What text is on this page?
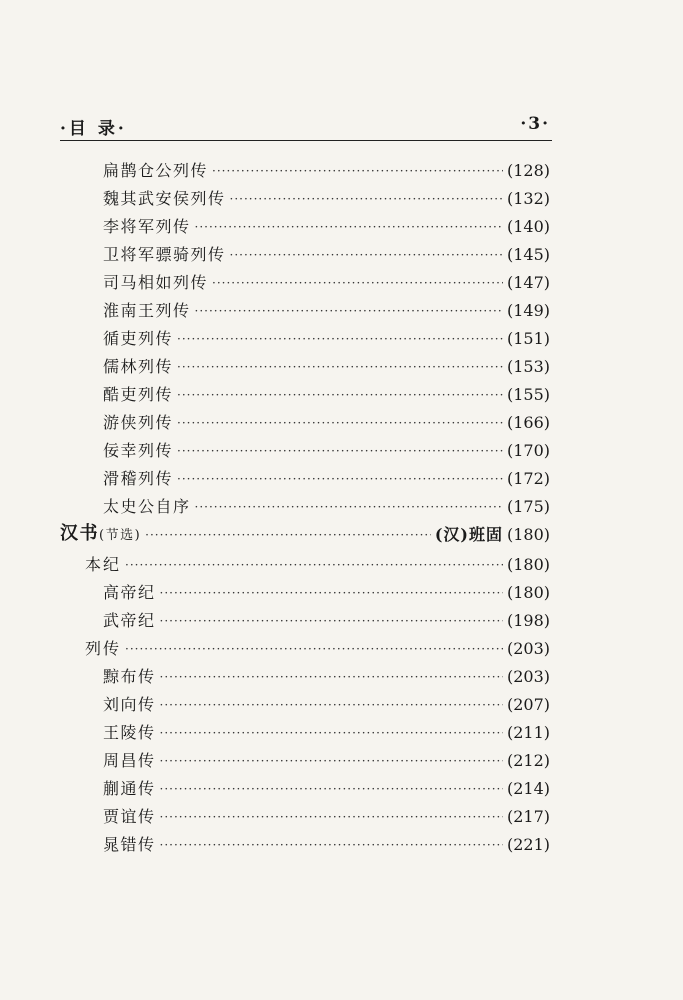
·目 录·	·3·
扁鹊仓公列传 ·····	(128)
魏其武安侯列传 ·····	(132)
李将军列传 ·····	(140)
卫将军骠骑列传 ·····	(145)
司马相如列传 ·····	(147)
淮南王列传 ·····	(149)
循吏列传 ·····	(151)
儒林列传 ·····	(153)
酷吏列传 ·····	(155)
游侠列传 ·····	(166)
佞幸列传 ·····	(170)
滑稽列传 ·····	(172)
太史公自序 ·····	(175)
汉书(节选) ·····	(汉)班固 (180)
本纪 ·····	(180)
高帝纪 ·····	(180)
武帝纪 ·····	(198)
列传 ·····	(203)
黥布传 ·····	(203)
刘向传 ·····	(207)
王陵传 ·····	(211)
周昌传 ·····	(212)
蒯通传 ·····	(214)
贾谊传 ·····	(217)
晁错传 ·····	(221)
